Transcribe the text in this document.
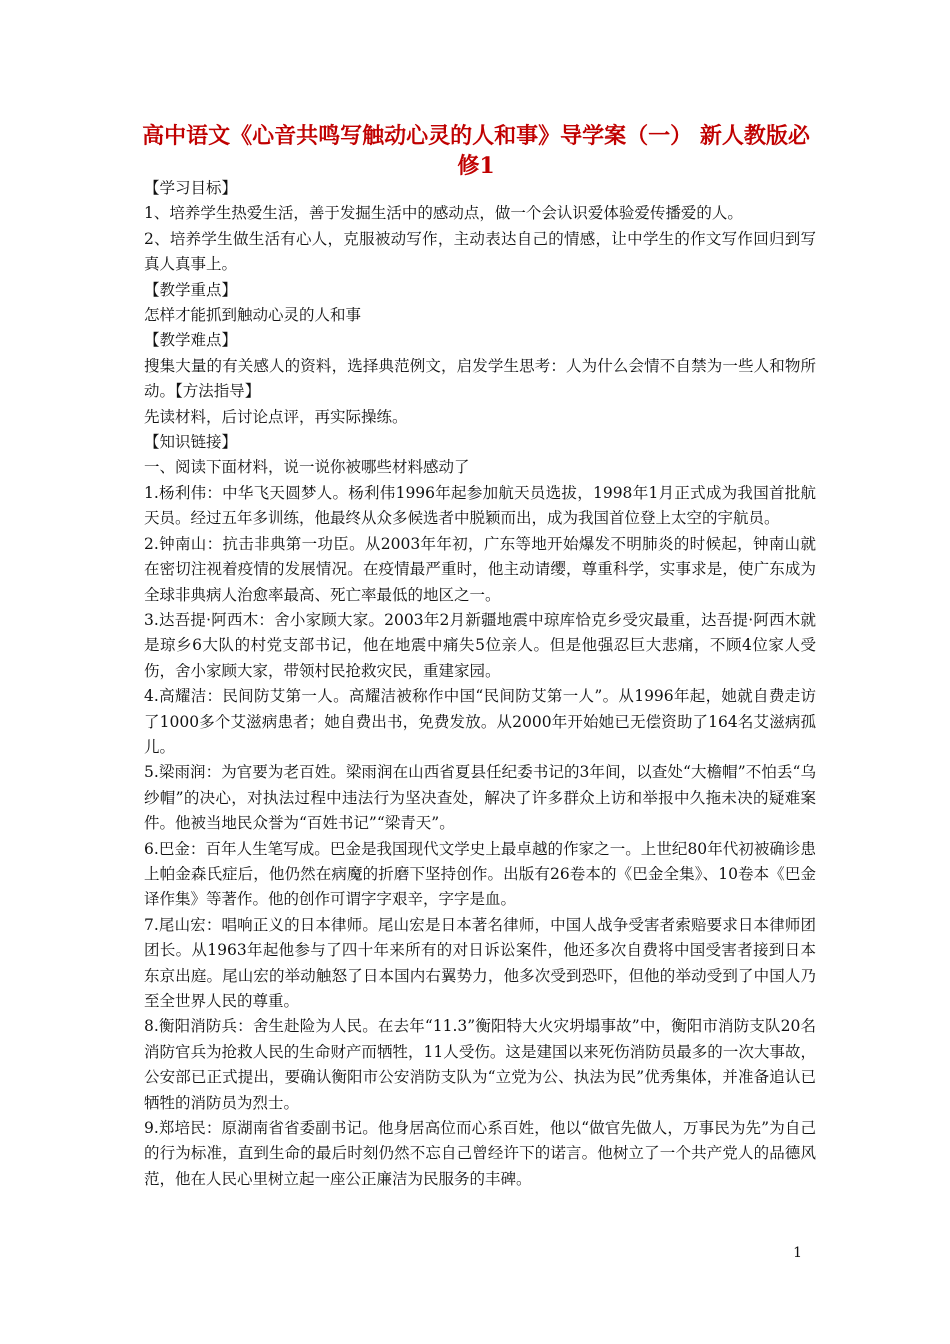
高中语文《心音共鸣写触动心灵的人和事》导学案（一） 新人教版必修1

【学习目标】

1、培养学生热爱生活，善于发掘生活中的感动点，做一个会认识爱体验爱传播爱的人。

2、培养学生做生活有心人，克服被动写作，主动表达自己的情感，让中学生的作文写作回归到写真人真事上。

【教学重点】

怎样才能抓到触动心灵的人和事

【教学难点】

搜集大量的有关感人的资料，选择典范例文，启发学生思考：人为什么会情不自禁为一些人和物所动。【方法指导】

先读材料，后讨论点评，再实际操练。

【知识链接】

一、阅读下面材料，说一说你被哪些材料感动了

1.杨利伟：中华飞天圆梦人。杨利伟1996年起参加航天员选拔，1998年1月正式成为我国首批航天员。经过五年多训练，他最终从众多候选者中脱颖而出，成为我国首位登上太空的宇航员。

2.钟南山：抗击非典第一功臣。从2003年年初，广东等地开始爆发不明肺炎的时候起，钟南山就在密切注视着疫情的发展情况。在疫情最严重时，他主动请缨，尊重科学，实事求是，使广东成为全球非典病人治愈率最高、死亡率最低的地区之一。

3.达吾提·阿西木：舍小家顾大家。2003年2月新疆地震中琼库恰克乡受灾最重，达吾提·阿西木就是琼乡6大队的村党支部书记，他在地震中痛失5位亲人。但是他强忍巨大悲痛，不顾4位家人受伤，舍小家顾大家，带领村民抢救灾民，重建家园。

4.高耀洁：民间防艾第一人。高耀洁被称作中国“民间防艾第一人”。从1996年起，她就自费走访了1000多个艾滋病患者；她自费出书，免费发放。从2000年开始她已无偿资助了164名艾滋病孤儿。

5.梁雨润：为官要为老百姓。梁雨润在山西省夏县任纪委书记的3年间，以查处“大檐帽”不怕丢“乌纱帽”的决心，对执法过程中违法行为坚决查处，解决了许多群众上访和举报中久拖未决的疑难案件。他被当地民众誉为“百姓书记”“梁青天”。

6.巴金：百年人生笔写成。巴金是我国现代文学史上最卓越的作家之一。上世纪80年代初被确诊患上帕金森氏症后，他仍然在病魔的折磨下坚持创作。出版有26卷本的《巴金全集》、10卷本《巴金译作集》等著作。他的创作可谓字字艰辛，字字是血。

7.尾山宏：唱响正义的日本律师。尾山宏是日本著名律师，中国人战争受害者索赔要求日本律师团团长。从1963年起他参与了四十年来所有的对日诉讼案件，他还多次自费将中国受害者接到日本东京出庭。尾山宏的举动触怒了日本国内右翼势力，他多次受到恐吓，但他的举动受到了中国人乃至全世界人民的尊重。

8.衡阳消防兵：舍生赴险为人民。在去年“11.3”衡阳特大火灾坍塌事故”中，衡阳市消防支队20名消防官兵为抢救人民的生命财产而牺牲，11人受伤。这是建国以来死伤消防员最多的一次大事故，公安部已正式提出，要确认衡阳市公安消防支队为“立党为公、执法为民”优秀集体，并准备追认已牺牲的消防员为烈士。

9.郑培民：原湖南省省委副书记。他身居高位而心系百姓，他以“做官先做人，万事民为先”为自己的行为标准，直到生命的最后时刻仍然不忘自己曾经许下的诺言。他树立了一个共产党人的品德风范，他在人民心里树立起一座公正廉洁为民服务的丰碑。

1
